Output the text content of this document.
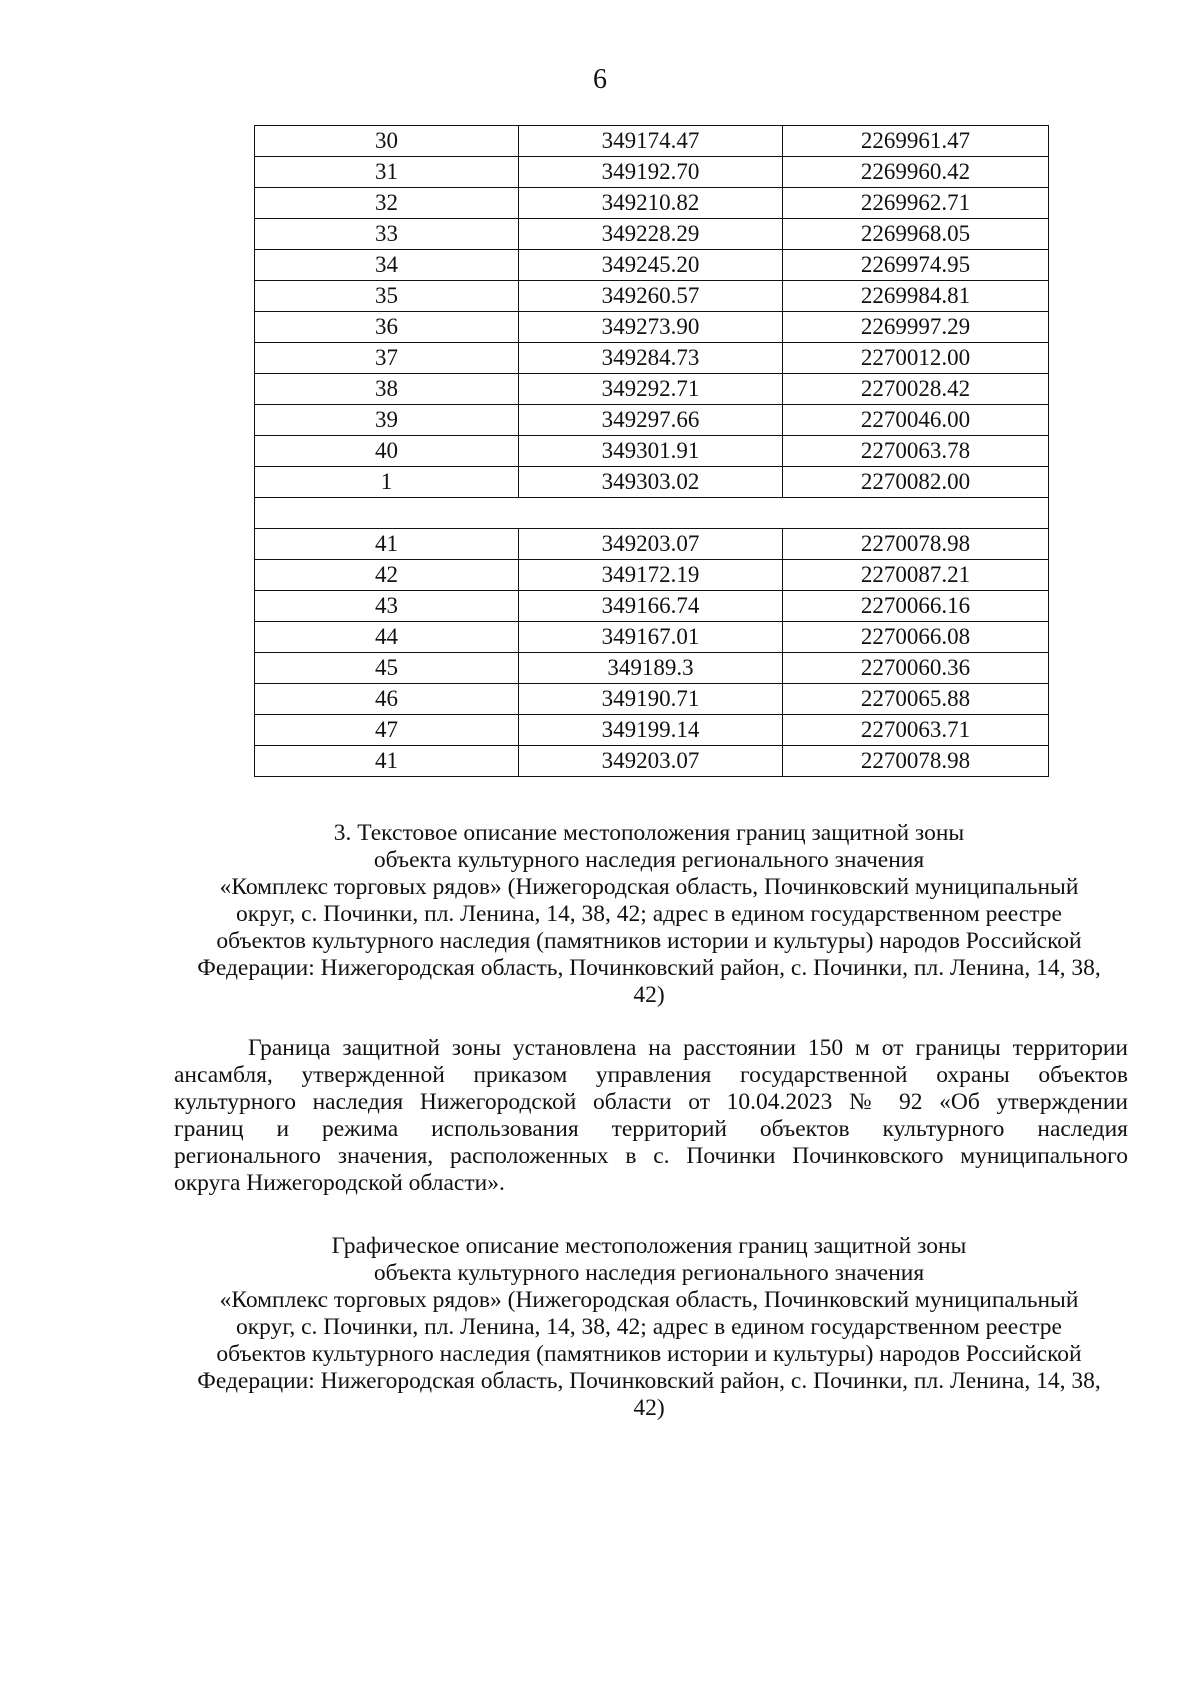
6
30	349174.47	2269961.47
31	349192.70	2269960.42
32	349210.82	2269962.71
33	349228.29	2269968.05
34	349245.20	2269974.95
35	349260.57	2269984.81
36	349273.90	2269997.29
37	349284.73	2270012.00
38	349292.71	2270028.42
39	349297.66	2270046.00
40	349301.91	2270063.78
1	349303.02	2270082.00

41	349203.07	2270078.98
42	349172.19	2270087.21
43	349166.74	2270066.16
44	349167.01	2270066.08
45	349189.3	2270060.36
46	349190.71	2270065.88
47	349199.14	2270063.71
41	349203.07	2270078.98
3. Текстовое описание местоположения границ защитной зоны
объекта культурного наследия регионального значения
«Комплекс торговых рядов» (Нижегородская область, Починковский муниципальный
округ, с. Починки, пл. Ленина, 14, 38, 42; адрес в едином государственном реестре
объектов культурного наследия (памятников истории и культуры) народов Российской
Федерации: Нижегородская область, Починковский район, с. Починки, пл. Ленина, 14, 38,
42)
Граница защитной зоны установлена на расстоянии 150 м от границы территории
ансамбля, утвержденной приказом управления государственной охраны объектов
культурного наследия Нижегородской области от 10.04.2023 № 92 «Об утверждении
границ и режима использования территорий объектов культурного наследия
регионального значения, расположенных в с. Починки Починковского муниципального
округа Нижегородской области».
Графическое описание местоположения границ защитной зоны
объекта культурного наследия регионального значения
«Комплекс торговых рядов» (Нижегородская область, Починковский муниципальный
округ, с. Починки, пл. Ленина, 14, 38, 42; адрес в едином государственном реестре
объектов культурного наследия (памятников истории и культуры) народов Российской
Федерации: Нижегородская область, Починковский район, с. Починки, пл. Ленина, 14, 38,
42)
